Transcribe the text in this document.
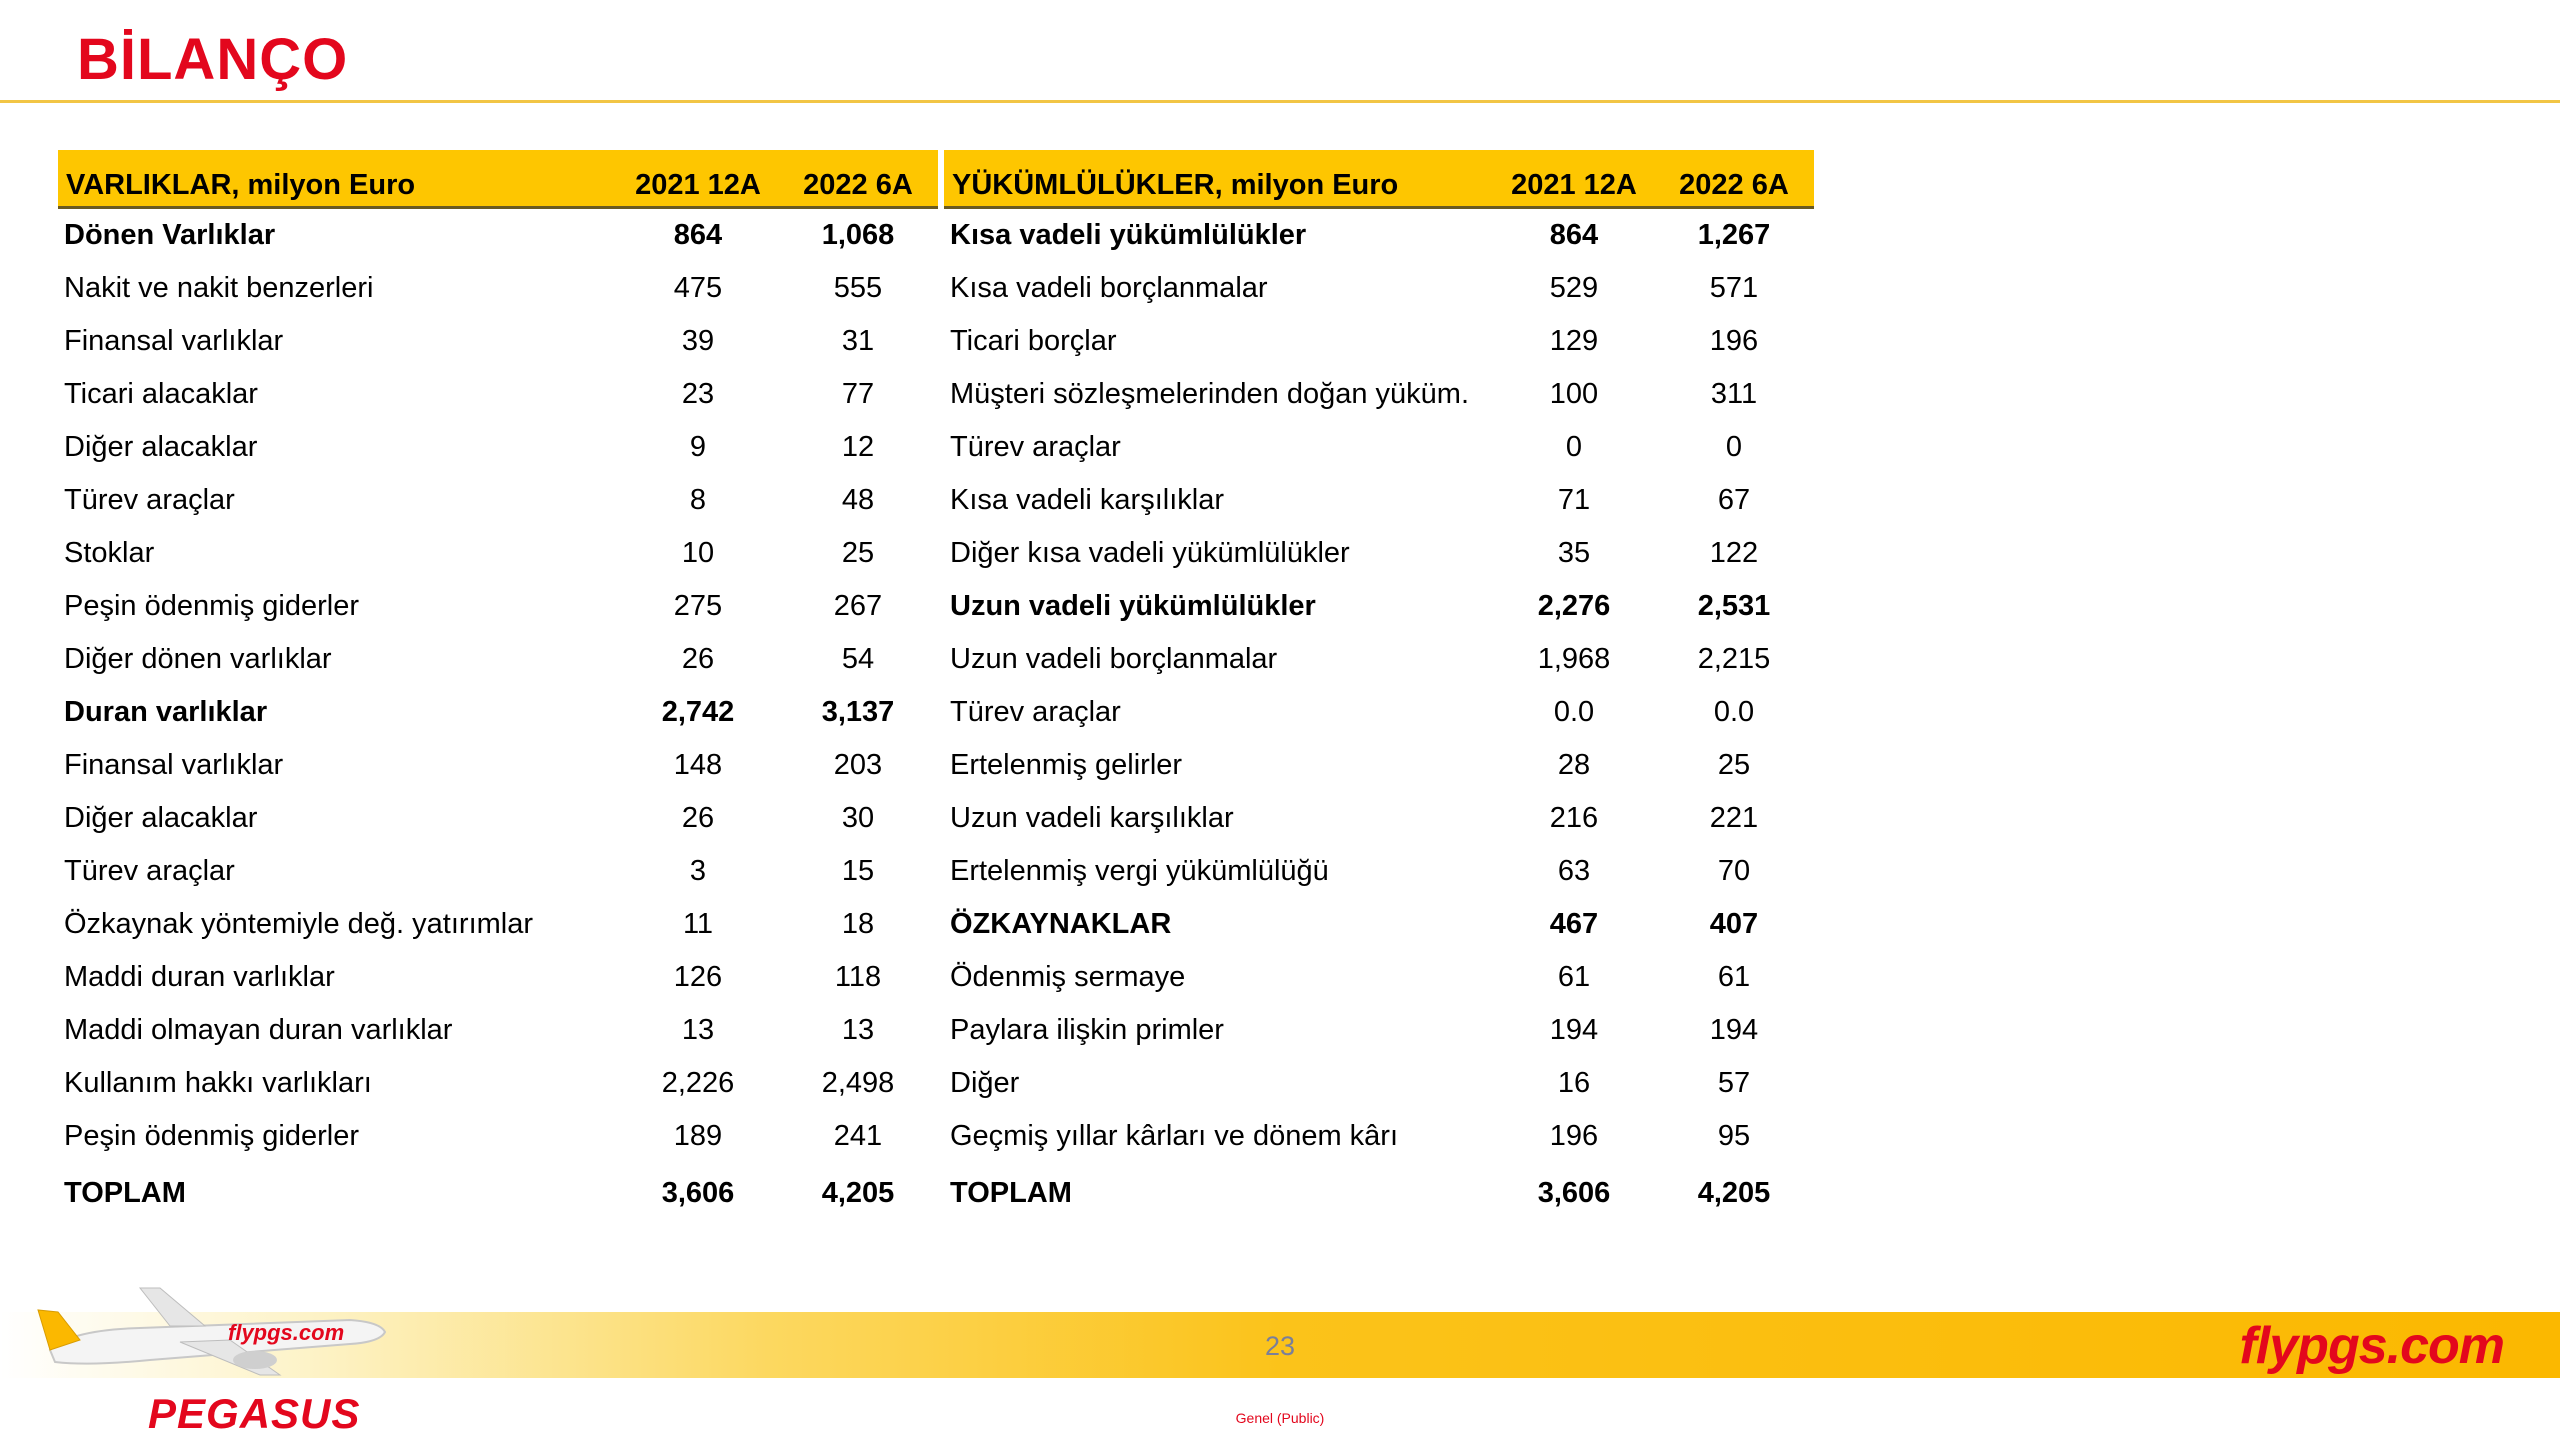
BİLANÇO
VARLIKLAR, milyon Euro	2021 12A	2022 6A
Dönen Varlıklar	864	1,068
Nakit ve nakit benzerleri	475	555
Finansal varlıklar	39	31
Ticari alacaklar	23	77
Diğer alacaklar	9	12
Türev araçlar	8	48
Stoklar	10	25
Peşin ödenmiş giderler	275	267
Diğer dönen varlıklar	26	54
Duran varlıklar	2,742	3,137
Finansal varlıklar	148	203
Diğer alacaklar	26	30
Türev araçlar	3	15
Özkaynak yöntemiyle değ. yatırımlar	11	18
Maddi duran varlıklar	126	118
Maddi olmayan duran varlıklar	13	13
Kullanım hakkı varlıkları	2,226	2,498
Peşin ödenmiş giderler	189	241
TOPLAM	3,606	4,205
YÜKÜMLÜLÜKLER, milyon Euro	2021 12A	2022 6A
Kısa vadeli yükümlülükler	864	1,267
Kısa vadeli borçlanmalar	529	571
Ticari borçlar	129	196
Müşteri sözleşmelerinden doğan yüküm.	100	311
Türev araçlar	0	0
Kısa vadeli karşılıklar	71	67
Diğer kısa vadeli yükümlülükler	35	122
Uzun vadeli yükümlülükler	2,276	2,531
Uzun vadeli borçlanmalar	1,968	2,215
Türev araçlar	0.0	0.0
Ertelenmiş gelirler	28	25
Uzun vadeli karşılıklar	216	221
Ertelenmiş vergi yükümlülüğü	63	70
ÖZKAYNAKLAR	467	407
Ödenmiş sermaye	61	61
Paylara ilişkin primler	194	194
Diğer	16	57
Geçmiş yıllar kârları ve dönem kârı	196	95
TOPLAM	3,606	4,205
flypgs.com
PEGASUS
23	flypgs.com
Genel (Public)
